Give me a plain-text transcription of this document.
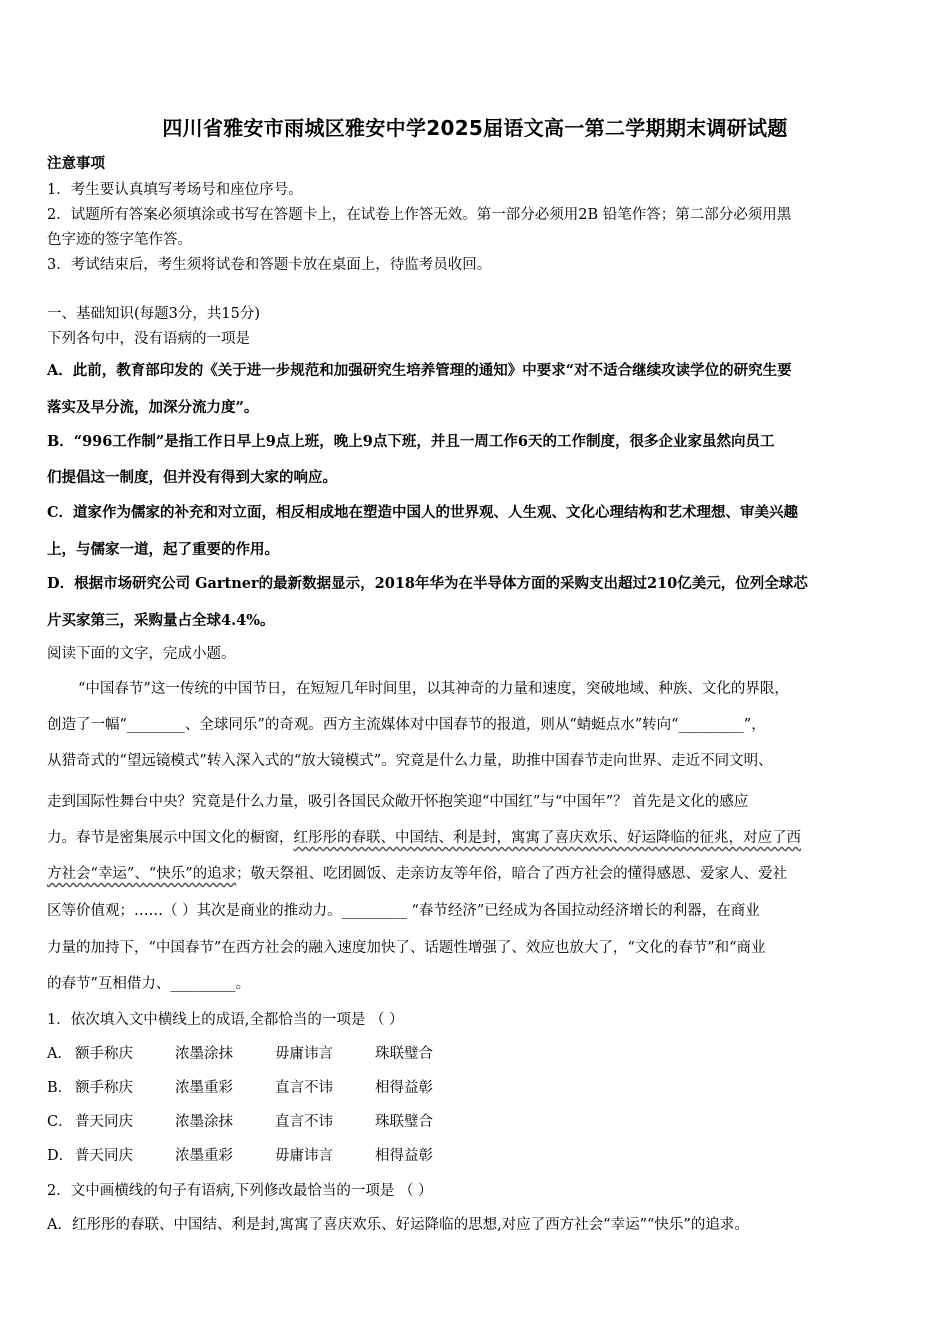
四川省雅安市雨城区雅安中学2025届语文高一第二学期期末调研试题
注意事项
1．考生要认真填写考场号和座位序号。
2．试题所有答案必须填涂或书写在答题卡上，在试卷上作答无效。第一部分必须用2B 铅笔作答；第二部分必须用黑
色字迹的签字笔作答。
3．考试结束后，考生须将试卷和答题卡放在桌面上，待监考员收回。
一、基础知识(每题3分，共15分)
下列各句中，没有语病的一项是
A．此前，教育部印发的《关于进一步规范和加强研究生培养管理的通知》中要求“对不适合继续攻读学位的研究生要
落实及早分流，加深分流力度”。
B．“996工作制”是指工作日早上9点上班，晚上9点下班，并且一周工作6天的工作制度，很多企业家虽然向员工
们提倡这一制度，但并没有得到大家的响应。
C．道家作为儒家的补充和对立面，相反相成地在塑造中国人的世界观、人生观、文化心理结构和艺术理想、审美兴趣
上，与儒家一道，起了重要的作用。
D．根据市场研究公司 Gartner的最新数据显示，2018年华为在半导体方面的采购支出超过210亿美元，位列全球芯
片买家第三，采购量占全球4.4%。
阅读下面的文字，完成小题。
“中国春节”这一传统的中国节日，在短短几年时间里，以其神奇的力量和速度，突破地域、种族、文化的界限，
创造了一幅“________、全球同乐”的奇观。西方主流媒体对中国春节的报道，则从“蜻蜓点水”转向“_________”，
从猎奇式的“望远镜模式”转入深入式的“放大镜模式”。究竟是什么力量，助推中国春节走向世界、走近不同文明、
走到国际性舞台中央？究竟是什么力量，吸引各国民众敞开怀抱笑迎“中国红”与“中国年”？ 首先是文化的感应
力。春节是密集展示中国文化的橱窗，红彤彤的春联、中国结、利是封，寓寓了喜庆欢乐、好运降临的征兆，对应了西
方社会“幸运”、“快乐”的追求；敬天祭祖、吃团圆饭、走亲访友等年俗，暗合了西方社会的懂得感恩、爱家人、爱社
区等价值观；……（ ）其次是商业的推动力。_________ “春节经济”已经成为各国拉动经济增长的利器，在商业
力量的加持下，“中国春节”在西方社会的融入速度加快了、话题性增强了、效应也放大了，“文化的春节”和“商业
的春节”互相借力、_________。
1．依次填入文中横线上的成语,全都恰当的一项是 （ ）
A． 额手称庆	浓墨涂抹	毋庸讳言	珠联璧合
B． 额手称庆	浓墨重彩	直言不讳	相得益彰
C． 普天同庆	浓墨涂抹	直言不讳	珠联璧合
D． 普天同庆	浓墨重彩	毋庸讳言	相得益彰
2．文中画横线的句子有语病,下列修改最恰当的一项是 （ ）
A．红彤彤的春联、中国结、利是封,寓寓了喜庆欢乐、好运降临的思想,对应了西方社会“幸运”“快乐”的追求。
